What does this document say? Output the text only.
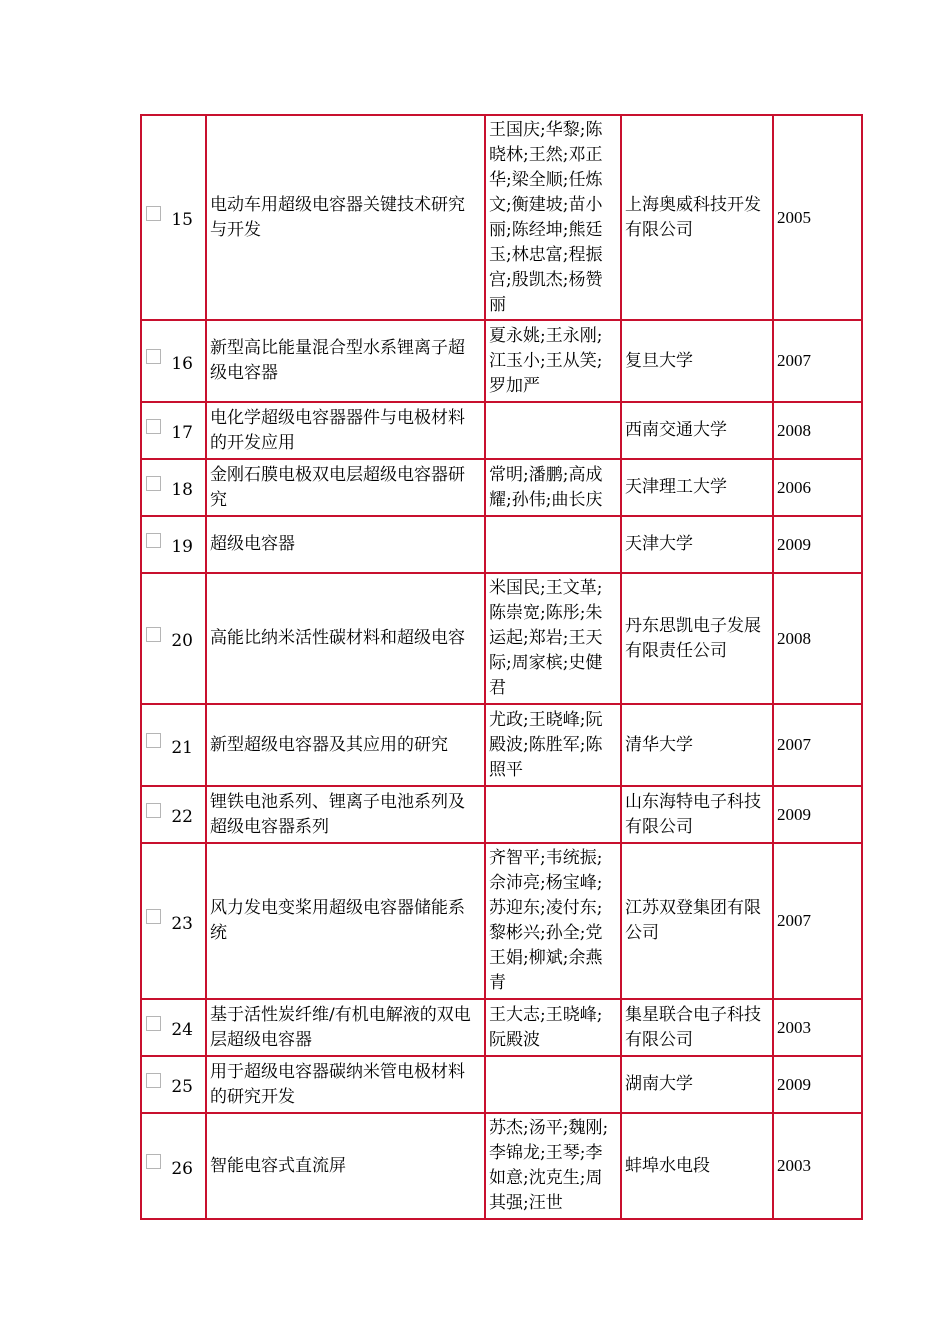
15	电动车用超级电容器关键技术研究与开发	王国庆;华黎;陈晓林;王然;邓正华;梁全顺;任炼文;衡建坡;苗小丽;陈经坤;熊廷玉;林忠富;程振宫;殷凯杰;杨赞丽	上海奥威科技开发有限公司	2005

16	新型高比能量混合型水系锂离子超级电容器	夏永姚;王永刚;江玉小;王从笑;罗加严	复旦大学	2007

17	电化学超级电容器器件与电极材料的开发应用		西南交通大学	2008

18	金刚石膜电极双电层超级电容器研究	常明;潘鹏;高成耀;孙伟;曲长庆	天津理工大学	2006

19	超级电容器		天津大学	2009

20	高能比纳米活性碳材料和超级电容	米国民;王文革;陈崇宽;陈彤;朱运起;郑岩;王天际;周家槟;史健君	丹东思凯电子发展有限责任公司	2008

21	新型超级电容器及其应用的研究	尤政;王晓峰;阮殿波;陈胜军;陈照平	清华大学	2007

22	锂铁电池系列、锂离子电池系列及超级电容器系列		山东海特电子科技有限公司	2009

23	风力发电变桨用超级电容器储能系统	齐智平;韦统振;佘沛亮;杨宝峰;苏迎东;凌付东;黎彬兴;孙全;党王娟;柳斌;余燕青	江苏双登集团有限公司	2007

24	基于活性炭纤维/有机电解液的双电层超级电容器	王大志;王晓峰;阮殿波	集星联合电子科技有限公司	2003

25	用于超级电容器碳纳米管电极材料的研究开发		湖南大学	2009

26	智能电容式直流屏	苏杰;汤平;魏刚;李锦龙;王琴;李如意;沈克生;周其强;汪世	蚌埠水电段	2003
